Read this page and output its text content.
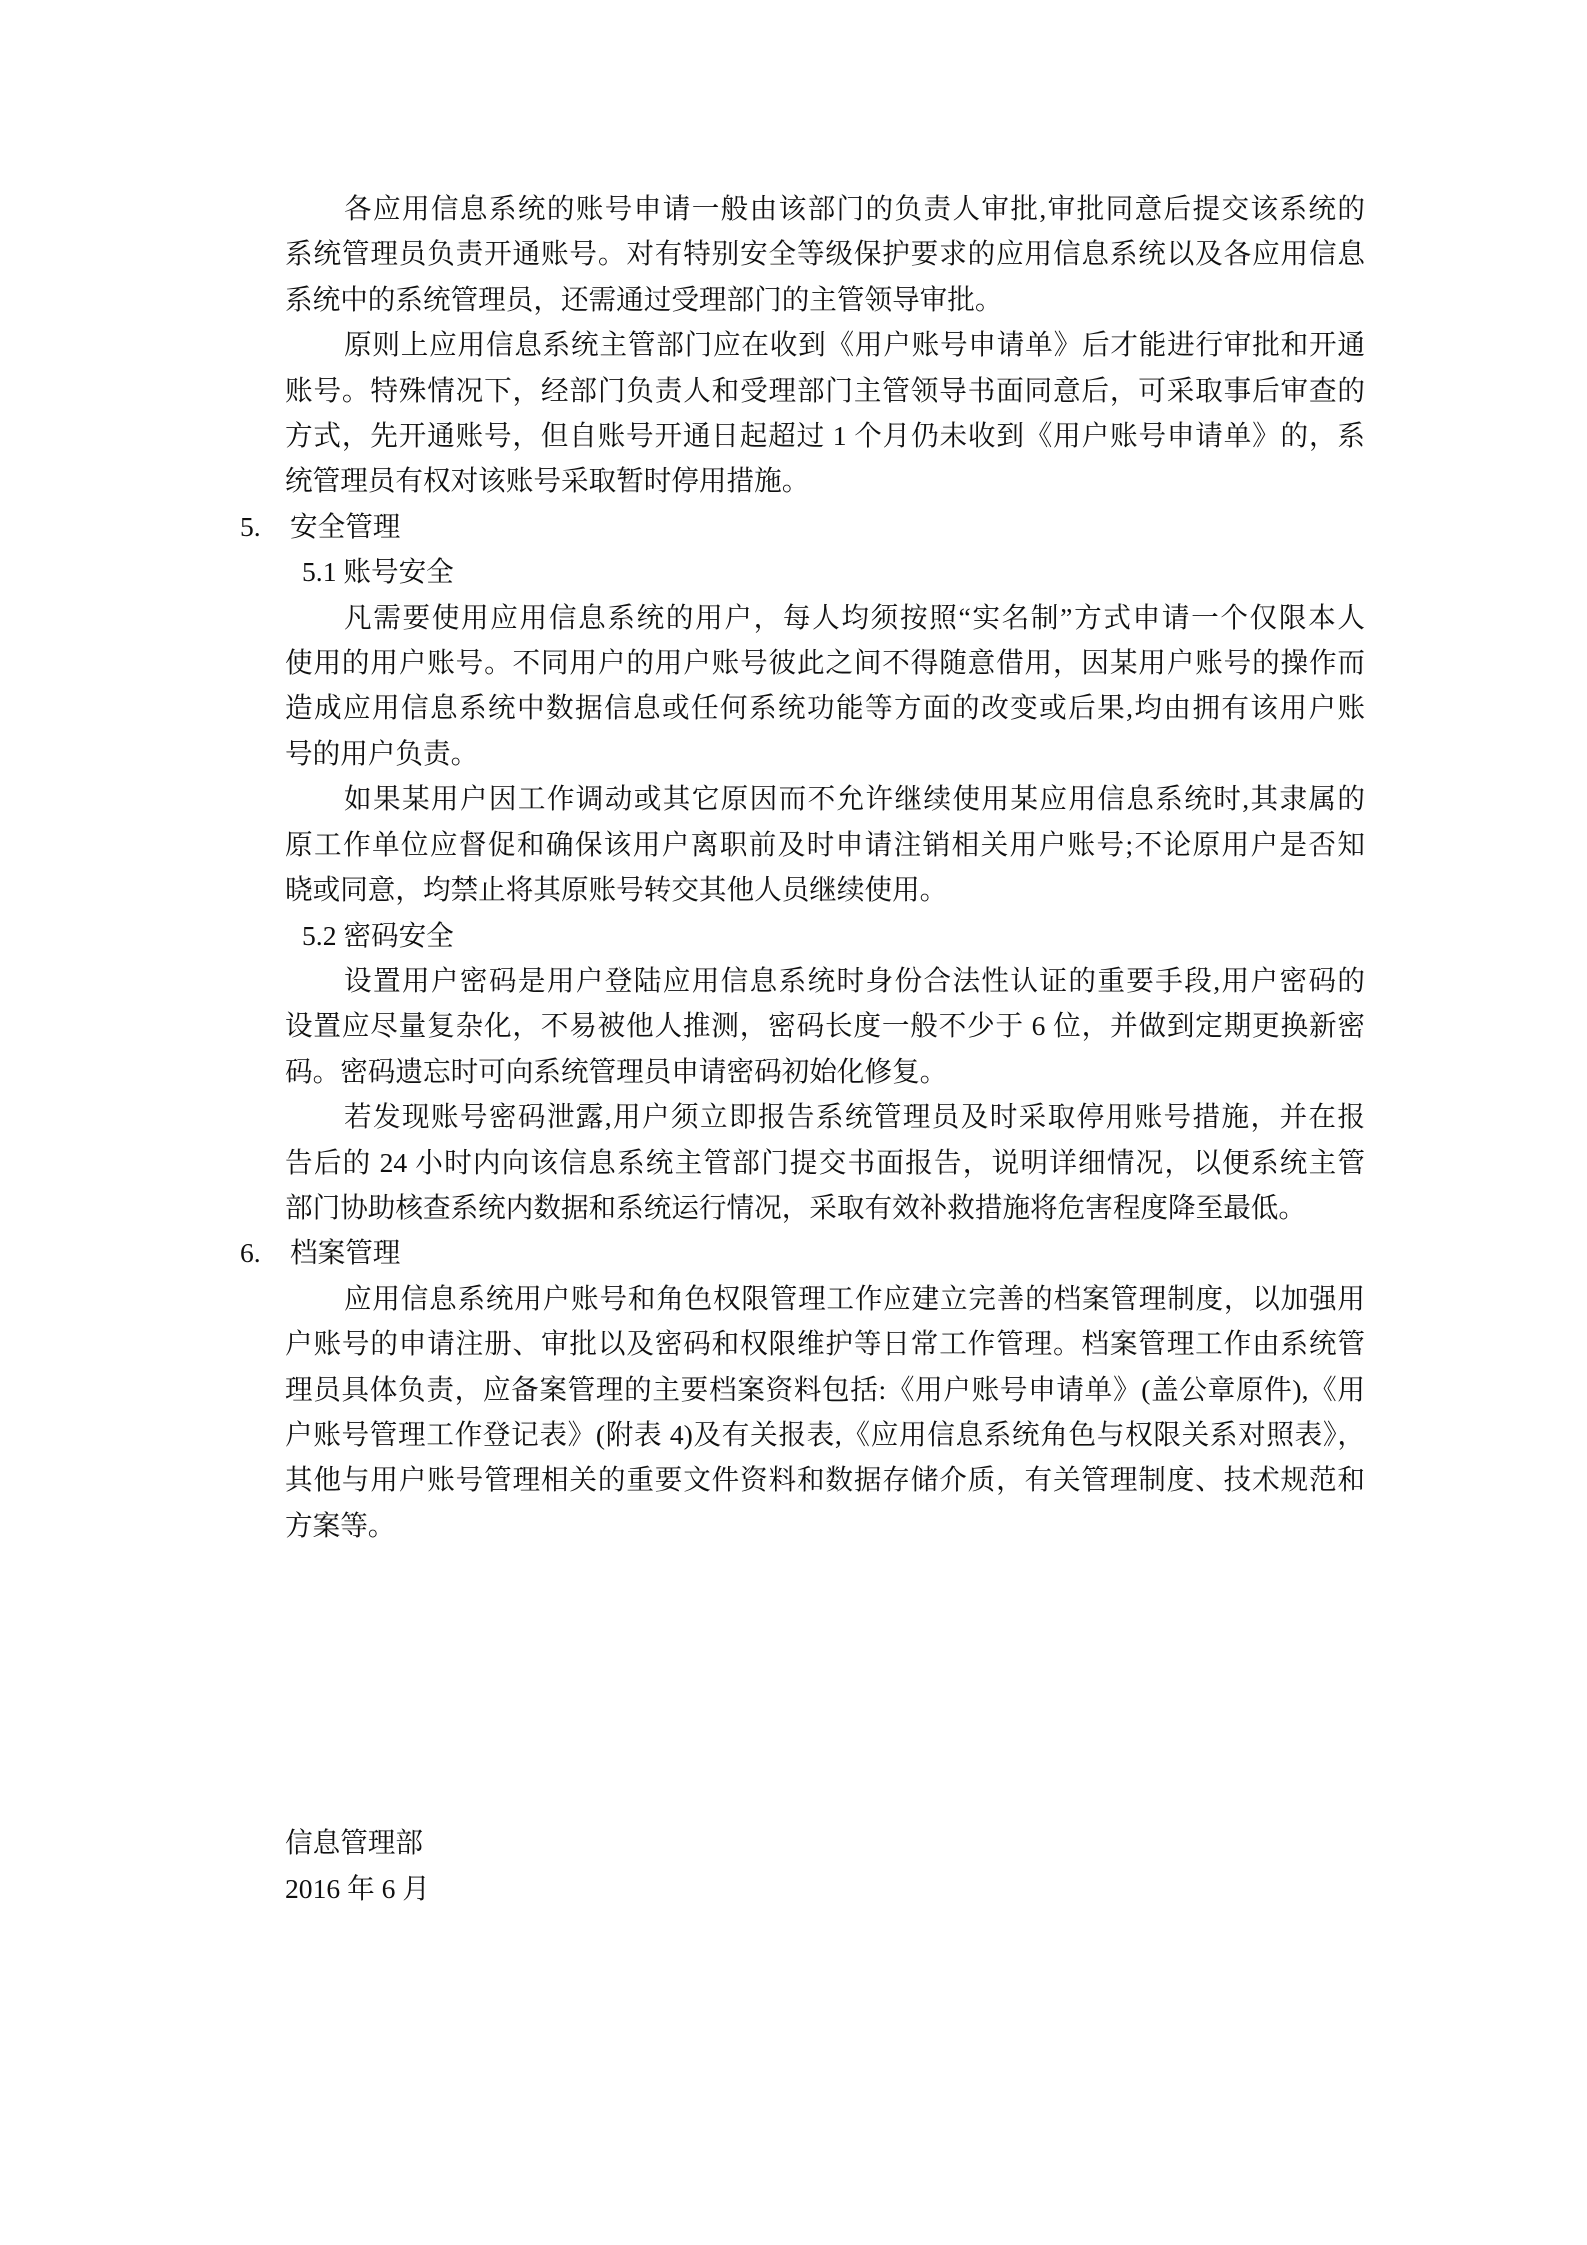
各应用信息系统的账号申请一般由该部门的负责人审批,审批同意后提交该系统的
系统管理员负责开通账号。对有特别安全等级保护要求的应用信息系统以及各应用信息
系统中的系统管理员，还需通过受理部门的主管领导审批。
原则上应用信息系统主管部门应在收到《用户账号申请单》后才能进行审批和开通
账号。特殊情况下，经部门负责人和受理部门主管领导书面同意后，可采取事后审查的
方式，先开通账号，但自账号开通日起超过 1 个月仍未收到《用户账号申请单》的，系
统管理员有权对该账号采取暂时停用措施。
5.	安全管理
5.1 账号安全
凡需要使用应用信息系统的用户，每人均须按照“实名制”方式申请一个仅限本人
使用的用户账号。不同用户的用户账号彼此之间不得随意借用，因某用户账号的操作而
造成应用信息系统中数据信息或任何系统功能等方面的改变或后果,均由拥有该用户账
号的用户负责。
如果某用户因工作调动或其它原因而不允许继续使用某应用信息系统时,其隶属的
原工作单位应督促和确保该用户离职前及时申请注销相关用户账号;不论原用户是否知
晓或同意，均禁止将其原账号转交其他人员继续使用。
5.2 密码安全
设置用户密码是用户登陆应用信息系统时身份合法性认证的重要手段,用户密码的
设置应尽量复杂化，不易被他人推测，密码长度一般不少于 6 位，并做到定期更换新密
码。密码遗忘时可向系统管理员申请密码初始化修复。
若发现账号密码泄露,用户须立即报告系统管理员及时采取停用账号措施，并在报
告后的 24 小时内向该信息系统主管部门提交书面报告，说明详细情况，以便系统主管
部门协助核查系统内数据和系统运行情况，采取有效补救措施将危害程度降至最低。
6.	档案管理
应用信息系统用户账号和角色权限管理工作应建立完善的档案管理制度，以加强用
户账号的申请注册、审批以及密码和权限维护等日常工作管理。档案管理工作由系统管
理员具体负责，应备案管理的主要档案资料包括:《用户账号申请单》(盖公章原件),《用
户账号管理工作登记表》(附表 4)及有关报表,《应用信息系统角色与权限关系对照表》，
其他与用户账号管理相关的重要文件资料和数据存储介质，有关管理制度、技术规范和
方案等。
信息管理部
2016 年 6 月
